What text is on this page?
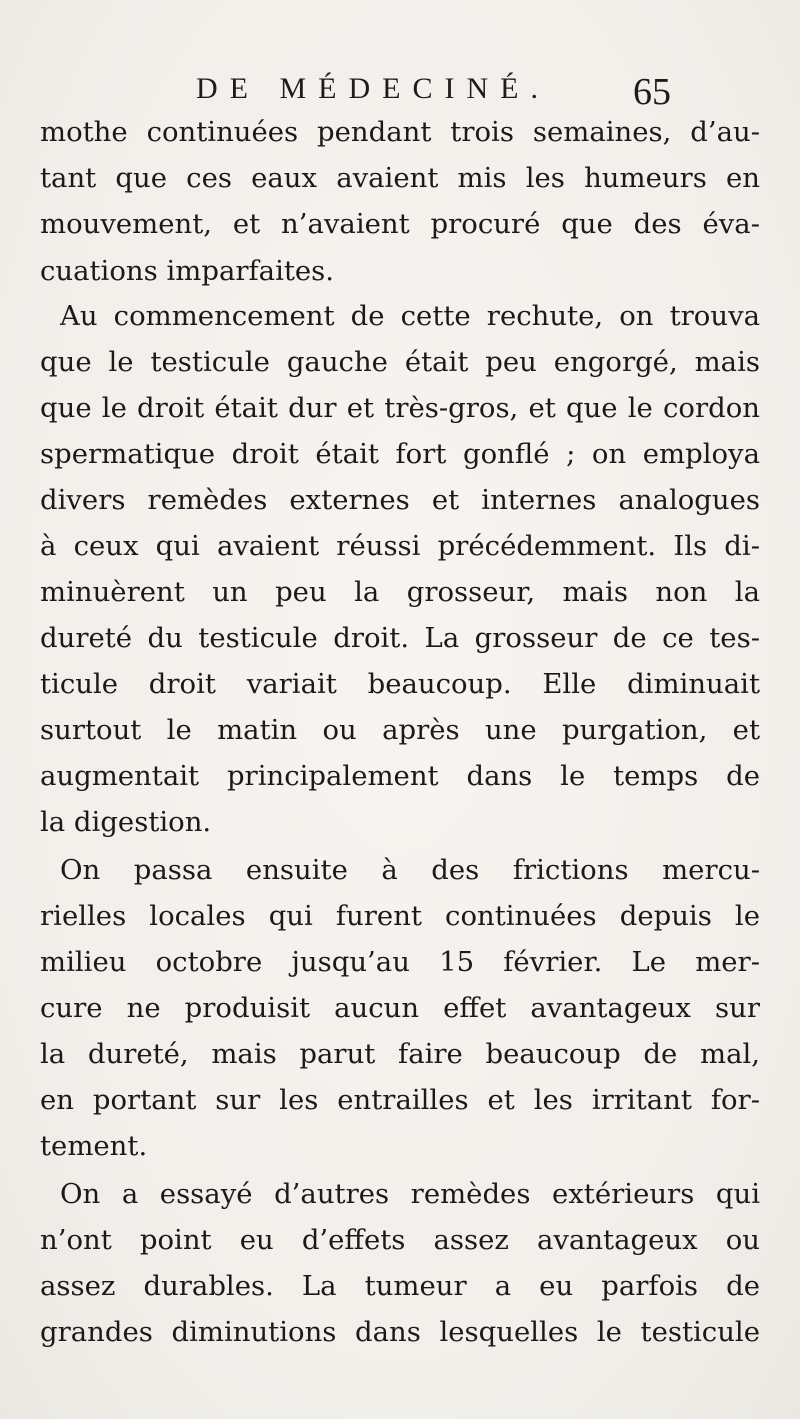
DE MÉDECINÉ. 65
mothe continuées pendant trois semaines, d’au-
tant que ces eaux avaient mis les humeurs en
mouvement, et n’avaient procuré que des éva-
cuations imparfaites.
Au commencement de cette rechute, on trouva
que le testicule gauche était peu engorgé, mais
que le droit était dur et très-gros, et que le cordon
spermatique droit était fort gonflé ; on employa
divers remèdes externes et internes analogues
à ceux qui avaient réussi précédemment. Ils di-
minuèrent un peu la grosseur, mais non la
dureté du testicule droit. La grosseur de ce tes-
ticule droit variait beaucoup. Elle diminuait
surtout le matin ou après une purgation, et
augmentait principalement dans le temps de
la digestion.
On passa ensuite à des frictions mercu-
rielles locales qui furent continuées depuis le
milieu octobre jusqu’au 15 février. Le mer-
cure ne produisit aucun effet avantageux sur
la dureté, mais parut faire beaucoup de mal,
en portant sur les entrailles et les irritant for-
tement.
On a essayé d’autres remèdes extérieurs qui
n’ont point eu d’effets assez avantageux ou
assez durables. La tumeur a eu parfois de
grandes diminutions dans lesquelles le testicule
